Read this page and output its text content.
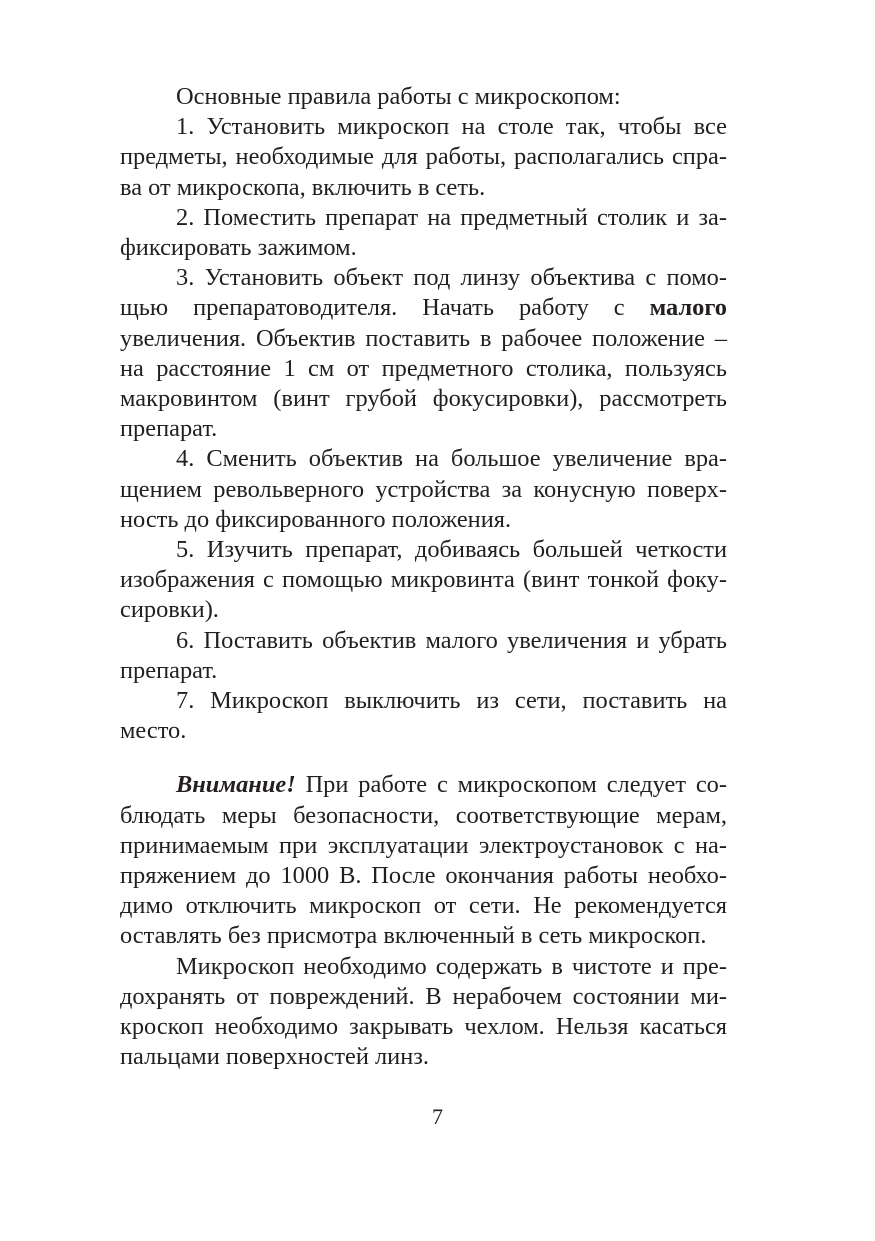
Основные правила работы с микроскопом:

1. Установить микроскоп на столе так, чтобы все предметы, необходимые для работы, располагались справа от микроскопа, включить в сеть.

2. Поместить препарат на предметный столик и зафиксировать зажимом.

3. Установить объект под линзу объектива с помощью препаратоводителя. Начать работу с малого увеличения. Объектив поставить в рабочее положение – на расстояние 1 см от предметного столика, пользуясь макровинтом (винт грубой фокусировки), рассмотреть препарат.

4. Сменить объектив на большое увеличение вращением револьверного устройства за конусную поверхность до фиксированного положения.

5. Изучить препарат, добиваясь большей четкости изображения с помощью микровинта (винт тонкой фокусировки).

6. Поставить объектив малого увеличения и убрать препарат.

7. Микроскоп выключить из сети, поставить на место.

Внимание! При работе с микроскопом следует соблюдать меры безопасности, соответствующие мерам, принимаемым при эксплуатации электроустановок с напряжением до 1000 В. После окончания работы необходимо отключить микроскоп от сети. Не рекомендуется оставлять без присмотра включенный в сеть микроскоп.

Микроскоп необходимо содержать в чистоте и предохранять от повреждений. В нерабочем состоянии микроскоп необходимо закрывать чехлом. Нельзя касаться пальцами поверхностей линз.

7
